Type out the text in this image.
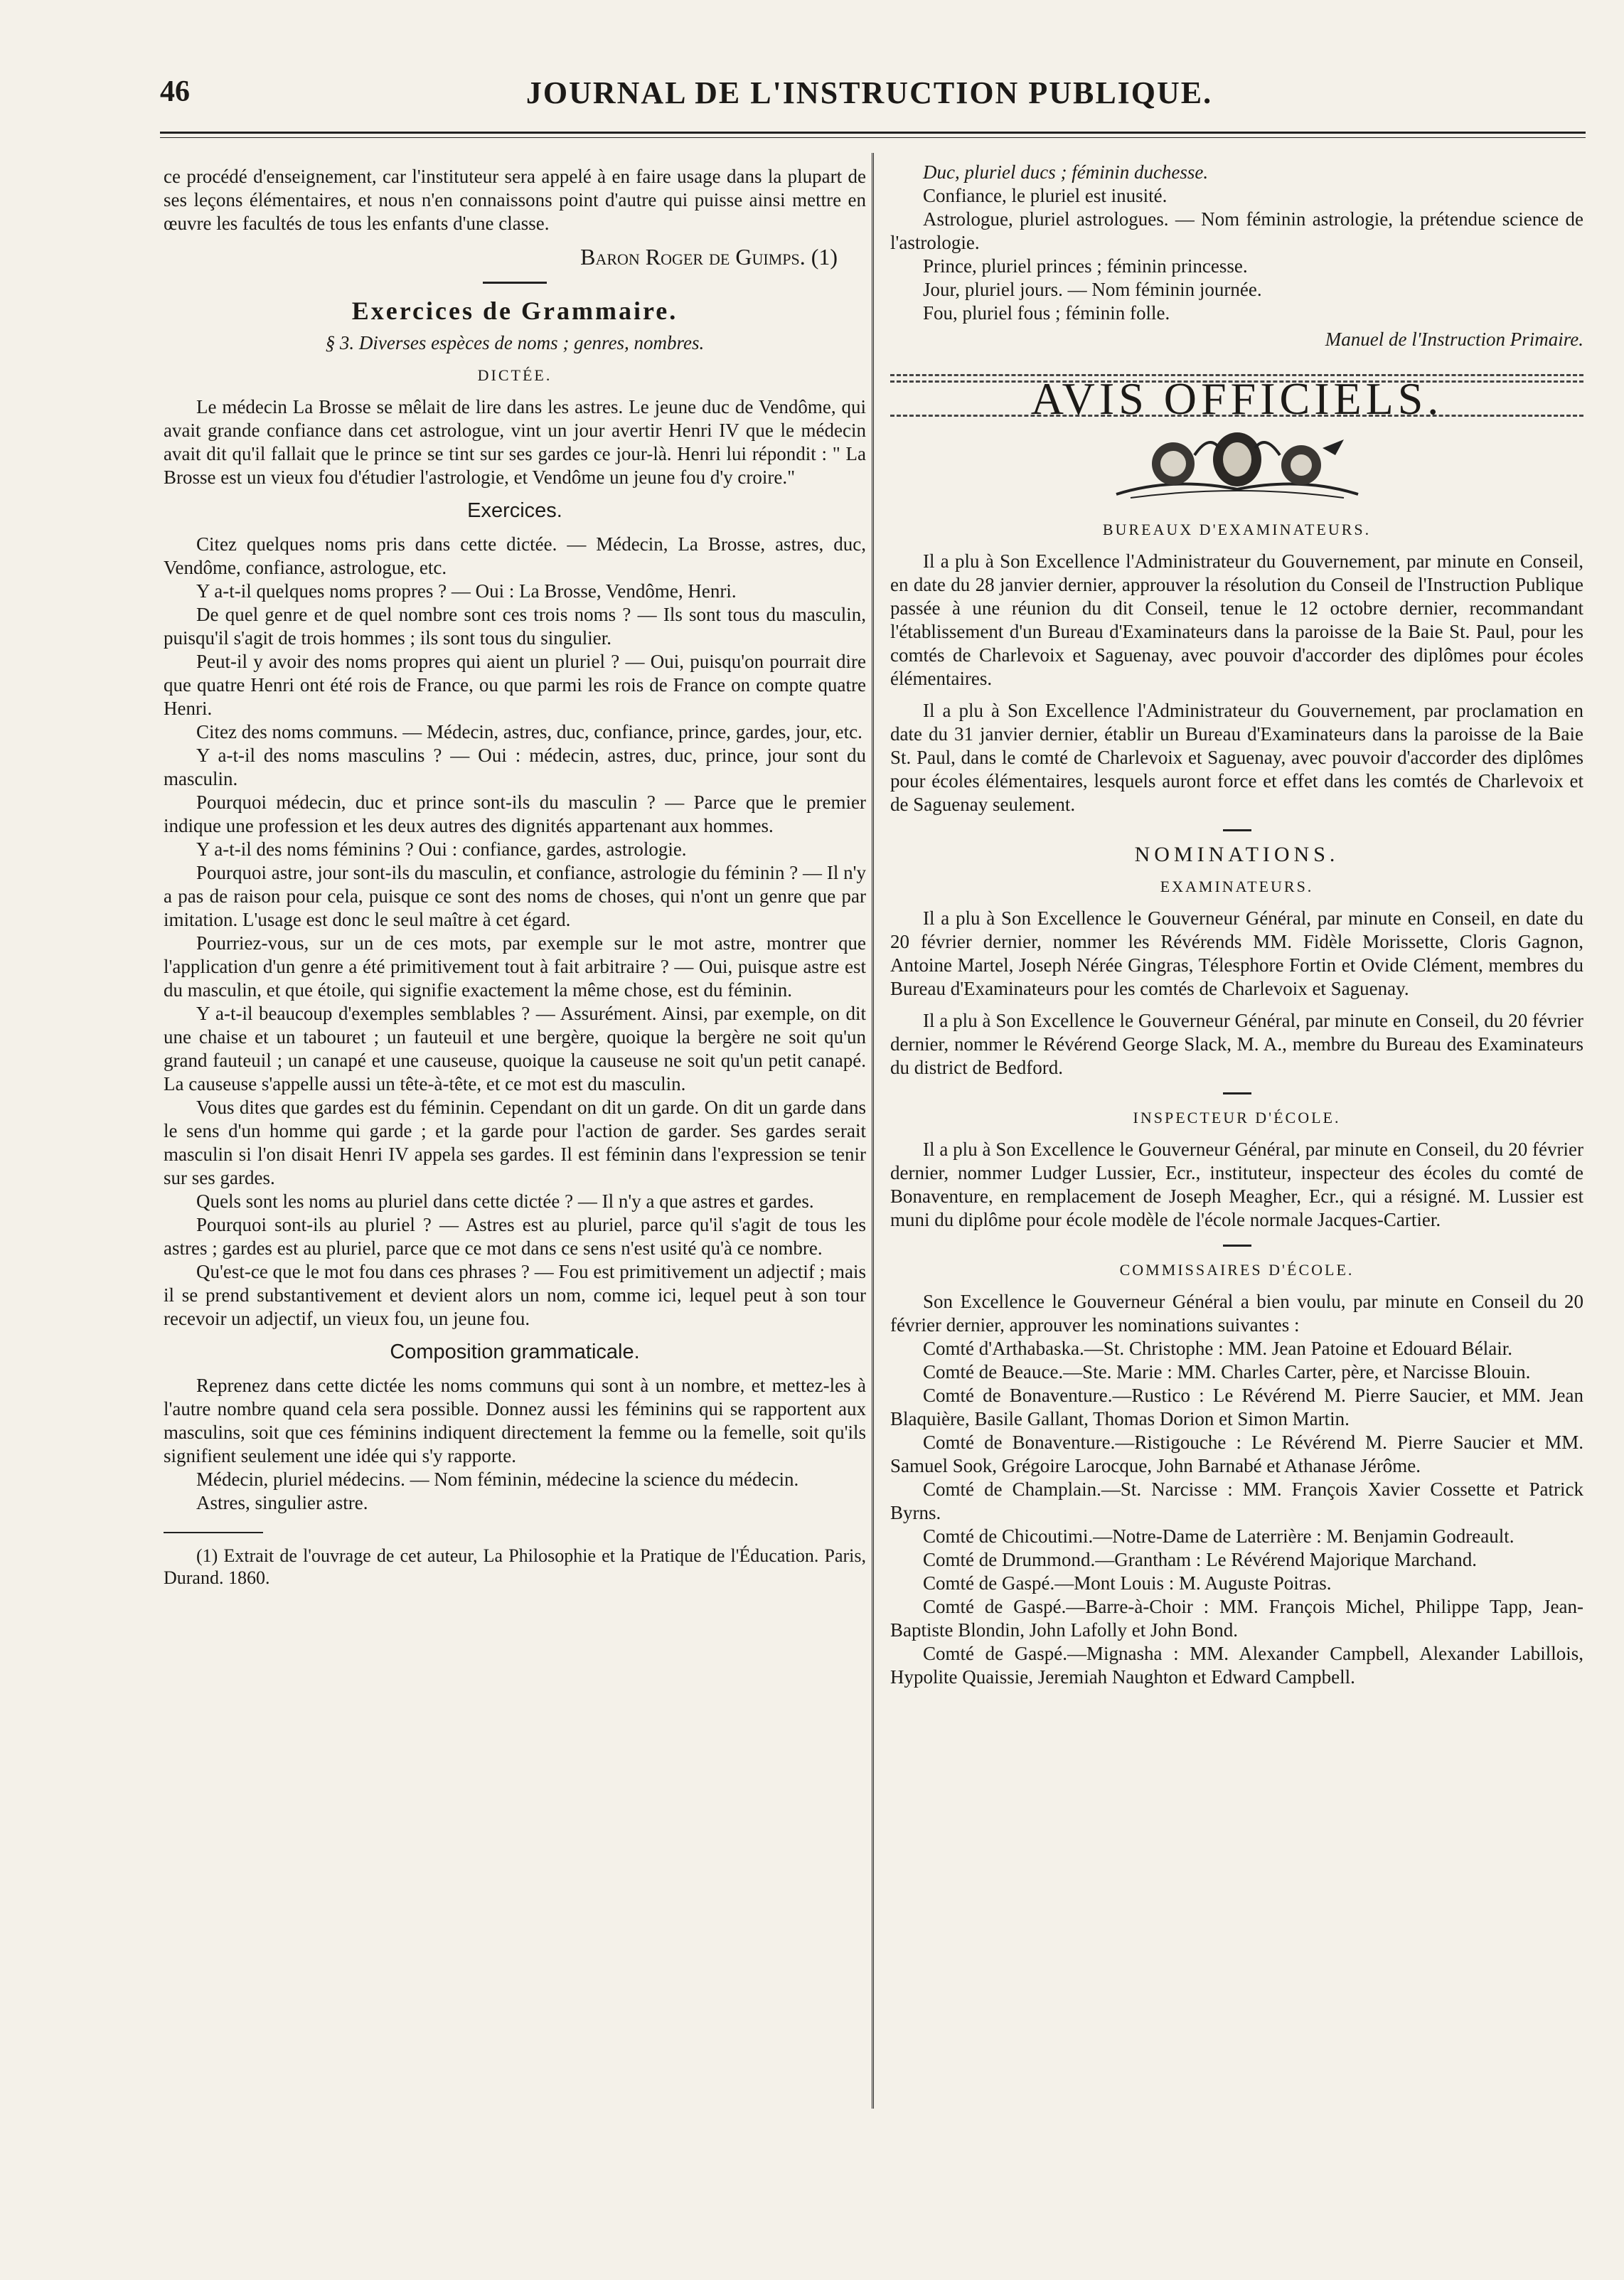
46	JOURNAL DE L'INSTRUCTION PUBLIQUE.

ce procédé d'enseignement, car l'instituteur sera appelé à en faire usage dans la plupart de ses leçons élémentaires, et nous n'en connaissons point d'autre qui puisse ainsi mettre en œuvre les facultés de tous les enfants d'une classe.

Baron Roger de Guimps. (1)

Exercices de Grammaire.

§ 3. Diverses espèces de noms ; genres, nombres.

DICTÉE.

Le médecin La Brosse se mêlait de lire dans les astres. Le jeune duc de Vendôme, qui avait grande confiance dans cet astrologue, vint un jour avertir Henri IV que le médecin avait dit qu'il fallait que le prince se tint sur ses gardes ce jour-là. Henri lui répondit : " La Brosse est un vieux fou d'étudier l'astrologie, et Vendôme un jeune fou d'y croire."

Exercices.

Citez quelques noms pris dans cette dictée. — Médecin, La Brosse, astres, duc, Vendôme, confiance, astrologue, etc.

Y a-t-il quelques noms propres ? — Oui : La Brosse, Vendôme, Henri.

De quel genre et de quel nombre sont ces trois noms ? — Ils sont tous du masculin, puisqu'il s'agit de trois hommes ; ils sont tous du singulier.

Peut-il y avoir des noms propres qui aient un pluriel ? — Oui, puisqu'on pourrait dire que quatre Henri ont été rois de France, ou que parmi les rois de France on compte quatre Henri.

Citez des noms communs. — Médecin, astres, duc, confiance, prince, gardes, jour, etc.

Y a-t-il des noms masculins ? — Oui : médecin, astres, duc, prince, jour sont du masculin.

Pourquoi médecin, duc et prince sont-ils du masculin ? — Parce que le premier indique une profession et les deux autres des dignités appartenant aux hommes.

Y a-t-il des noms féminins ? Oui : confiance, gardes, astrologie.

Pourquoi astre, jour sont-ils du masculin, et confiance, astrologie du féminin ? — Il n'y a pas de raison pour cela, puisque ce sont des noms de choses, qui n'ont un genre que par imitation. L'usage est donc le seul maître à cet égard.

Pourriez-vous, sur un de ces mots, par exemple sur le mot astre, montrer que l'application d'un genre a été primitivement tout à fait arbitraire ? — Oui, puisque astre est du masculin, et que étoile, qui signifie exactement la même chose, est du féminin.

Y a-t-il beaucoup d'exemples semblables ? — Assurément. Ainsi, par exemple, on dit une chaise et un tabouret ; un fauteuil et une bergère, quoique la bergère ne soit qu'un grand fauteuil ; un canapé et une causeuse, quoique la causeuse ne soit qu'un petit canapé. La causeuse s'appelle aussi un tête-à-tête, et ce mot est du masculin.

Vous dites que gardes est du féminin. Cependant on dit un garde. On dit un garde dans le sens d'un homme qui garde ; et la garde pour l'action de garder. Ses gardes serait masculin si l'on disait Henri IV appela ses gardes. Il est féminin dans l'expression se tenir sur ses gardes.

Quels sont les noms au pluriel dans cette dictée ? — Il n'y a que astres et gardes.

Pourquoi sont-ils au pluriel ? — Astres est au pluriel, parce qu'il s'agit de tous les astres ; gardes est au pluriel, parce que ce mot dans ce sens n'est usité qu'à ce nombre.

Qu'est-ce que le mot fou dans ces phrases ? — Fou est primitivement un adjectif ; mais il se prend substantivement et devient alors un nom, comme ici, lequel peut à son tour recevoir un adjectif, un vieux fou, un jeune fou.

Composition grammaticale.

Reprenez dans cette dictée les noms communs qui sont à un nombre, et mettez-les à l'autre nombre quand cela sera possible. Donnez aussi les féminins qui se rapportent aux masculins, soit que ces féminins indiquent directement la femme ou la femelle, soit qu'ils signifient seulement une idée qui s'y rapporte.

Médecin, pluriel médecins. — Nom féminin, médecine la science du médecin.

Astres, singulier astre.

(1) Extrait de l'ouvrage de cet auteur, La Philosophie et la Pratique de l'Éducation. Paris, Durand. 1860.

Duc, pluriel ducs ; féminin duchesse.

Confiance, le pluriel est inusité.

Astrologue, pluriel astrologues. — Nom féminin astrologie, la prétendue science de l'astrologie.

Prince, pluriel princes ; féminin princesse.

Jour, pluriel jours. — Nom féminin journée.

Fou, pluriel fous ; féminin folle.

Manuel de l'Instruction Primaire.

AVIS OFFICIELS.

BUREAUX D'EXAMINATEURS.

Il a plu à Son Excellence l'Administrateur du Gouvernement, par minute en Conseil, en date du 28 janvier dernier, approuver la résolution du Conseil de l'Instruction Publique passée à une réunion du dit Conseil, tenue le 12 octobre dernier, recommandant l'établissement d'un Bureau d'Examinateurs dans la paroisse de la Baie St. Paul, pour les comtés de Charlevoix et Saguenay, avec pouvoir d'accorder des diplômes pour écoles élémentaires.

Il a plu à Son Excellence l'Administrateur du Gouvernement, par proclamation en date du 31 janvier dernier, établir un Bureau d'Examinateurs dans la paroisse de la Baie St. Paul, dans le comté de Charlevoix et Saguenay, avec pouvoir d'accorder des diplômes pour écoles élémentaires, lesquels auront force et effet dans les comtés de Charlevoix et de Saguenay seulement.

NOMINATIONS.

EXAMINATEURS.

Il a plu à Son Excellence le Gouverneur Général, par minute en Conseil, en date du 20 février dernier, nommer les Révérends MM. Fidèle Morissette, Cloris Gagnon, Antoine Martel, Joseph Nérée Gingras, Télesphore Fortin et Ovide Clément, membres du Bureau d'Examinateurs pour les comtés de Charlevoix et Saguenay.

Il a plu à Son Excellence le Gouverneur Général, par minute en Conseil, du 20 février dernier, nommer le Révérend George Slack, M. A., membre du Bureau des Examinateurs du district de Bedford.

INSPECTEUR D'ÉCOLE.

Il a plu à Son Excellence le Gouverneur Général, par minute en Conseil, du 20 février dernier, nommer Ludger Lussier, Ecr., instituteur, inspecteur des écoles du comté de Bonaventure, en remplacement de Joseph Meagher, Ecr., qui a résigné. M. Lussier est muni du diplôme pour école modèle de l'école normale Jacques-Cartier.

COMMISSAIRES D'ÉCOLE.

Son Excellence le Gouverneur Général a bien voulu, par minute en Conseil du 20 février dernier, approuver les nominations suivantes :

Comté d'Arthabaska.—St. Christophe : MM. Jean Patoine et Edouard Bélair.

Comté de Beauce.—Ste. Marie : MM. Charles Carter, père, et Narcisse Blouin.

Comté de Bonaventure.—Rustico : Le Révérend M. Pierre Saucier, et MM. Jean Blaquière, Basile Gallant, Thomas Dorion et Simon Martin.

Comté de Bonaventure.—Ristigouche : Le Révérend M. Pierre Saucier et MM. Samuel Sook, Grégoire Larocque, John Barnabé et Athanase Jérôme.

Comté de Champlain.—St. Narcisse : MM. François Xavier Cossette et Patrick Byrns.

Comté de Chicoutimi.—Notre-Dame de Laterrière : M. Benjamin Godreault.

Comté de Drummond.—Grantham : Le Révérend Majorique Marchand.

Comté de Gaspé.—Mont Louis : M. Auguste Poitras.

Comté de Gaspé.—Barre-à-Choir : MM. François Michel, Philippe Tapp, Jean-Baptiste Blondin, John Lafolly et John Bond.

Comté de Gaspé.—Mignasha : MM. Alexander Campbell, Alexander Labillois, Hypolite Quaissie, Jeremiah Naughton et Edward Campbell.
